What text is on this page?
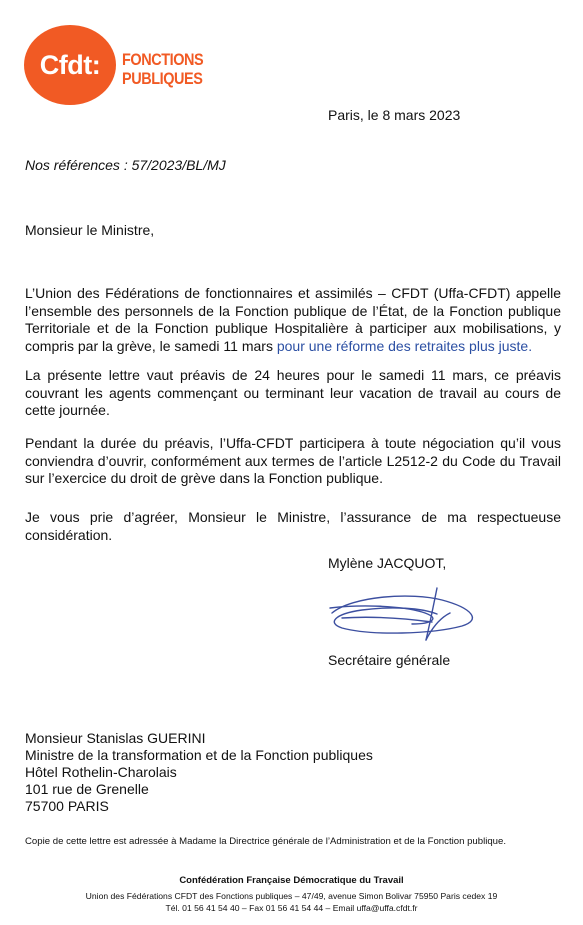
Cfdt: FONCTIONS
PUBLIQUES
Paris, le 8 mars 2023
Nos références : 57/2023/BL/MJ
Monsieur le Ministre,
L’Union des Fédérations de fonctionnaires et assimilés – CFDT (Uffa-CFDT) appelle l’ensemble des personnels de la Fonction publique de l’État, de la Fonction publique Territoriale et de la Fonction publique Hospitalière à participer aux mobilisations, y compris par la grève, le samedi 11 mars pour une réforme des retraites plus juste.
La présente lettre vaut préavis de 24 heures pour le samedi 11 mars, ce préavis couvrant les agents commençant ou terminant leur vacation de travail au cours de cette journée.
Pendant la durée du préavis, l’Uffa-CFDT participera à toute négociation qu’il vous conviendra d’ouvrir, conformément aux termes de l’article L2512-2 du Code du Travail sur l’exercice du droit de grève dans la Fonction publique.
Je vous prie d’agréer, Monsieur le Ministre, l’assurance de ma respectueuse considération.
Mylène JACQUOT,
Secrétaire générale
Monsieur Stanislas GUERINI
Ministre de la transformation et de la Fonction publiques
Hôtel Rothelin-Charolais
101 rue de Grenelle
75700 PARIS
Copie de cette lettre est adressée à Madame la Directrice générale de l’Administration et de la Fonction publique.
Confédération Française Démocratique du Travail
Union des Fédérations CFDT des Fonctions publiques – 47/49, avenue Simon Bolivar 75950 Paris cedex 19
Tél. 01 56 41 54 40 – Fax 01 56 41 54 44 – Email uffa@uffa.cfdt.fr
